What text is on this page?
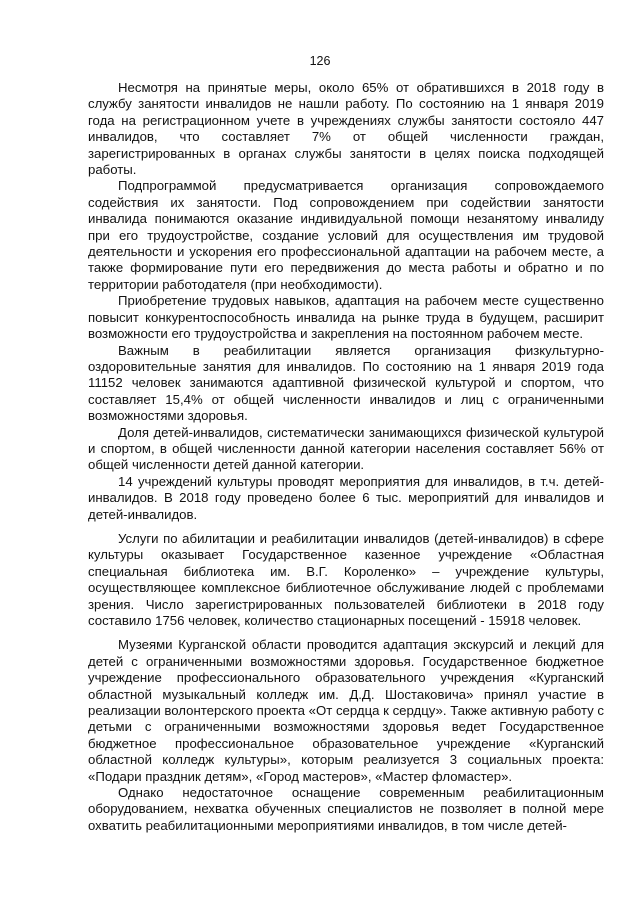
126

Несмотря на принятые меры, около 65% от обратившихся в 2018 году в службу занятости инвалидов не нашли работу. По состоянию на 1 января 2019 года на регистрационном учете в учреждениях службы занятости состояло 447 инвалидов, что составляет 7% от общей численности граждан, зарегистрированных в органах службы занятости в целях поиска подходящей работы.

Подпрограммой предусматривается организация сопровождаемого содействия их занятости. Под сопровождением при содействии занятости инвалида понимаются оказание индивидуальной помощи незанятому инвалиду при его трудоустройстве, создание условий для осуществления им трудовой деятельности и ускорения его профессиональной адаптации на рабочем месте, а также формирование пути его передвижения до места работы и обратно и по территории работодателя (при необходимости).

Приобретение трудовых навыков, адаптация на рабочем месте существенно повысит конкурентоспособность инвалида на рынке труда в будущем, расширит возможности его трудоустройства и закрепления на постоянном рабочем месте.

Важным в реабилитации является организация физкультурно-оздоровительные занятия для инвалидов. По состоянию на 1 января 2019 года 11152 человек занимаются адаптивной физической культурой и спортом, что составляет 15,4% от общей численности инвалидов и лиц с ограниченными возможностями здоровья.

Доля детей-инвалидов, систематически занимающихся физической культурой и спортом, в общей численности данной категории населения составляет 56% от общей численности детей данной категории.

14 учреждений культуры проводят мероприятия для инвалидов, в т.ч. детей-инвалидов. В 2018 году проведено более 6 тыс. мероприятий для инвалидов и детей-инвалидов.

Услуги по абилитации и реабилитации инвалидов (детей-инвалидов) в сфере культуры оказывает Государственное казенное учреждение «Областная специальная библиотека им. В.Г. Короленко» – учреждение культуры, осуществляющее комплексное библиотечное обслуживание людей с проблемами зрения. Число зарегистрированных пользователей библиотеки в 2018 году составило 1756 человек, количество стационарных посещений - 15918 человек.

Музеями Курганской области проводится адаптация экскурсий и лекций для детей с ограниченными возможностями здоровья. Государственное бюджетное учреждение профессионального образовательного учреждения «Курганский областной музыкальный колледж им. Д.Д. Шостаковича» принял участие в реализации волонтерского проекта «От сердца к сердцу». Также активную работу с детьми с ограниченными возможностями здоровья ведет Государственное бюджетное профессиональное образовательное учреждение «Курганский областной колледж культуры», которым реализуется 3 социальных проекта: «Подари праздник детям», «Город мастеров», «Мастер фломастер».

Однако недостаточное оснащение современным реабилитационным оборудованием, нехватка обученных специалистов не позволяет в полной мере охватить реабилитационными мероприятиями инвалидов, в том числе детей-
